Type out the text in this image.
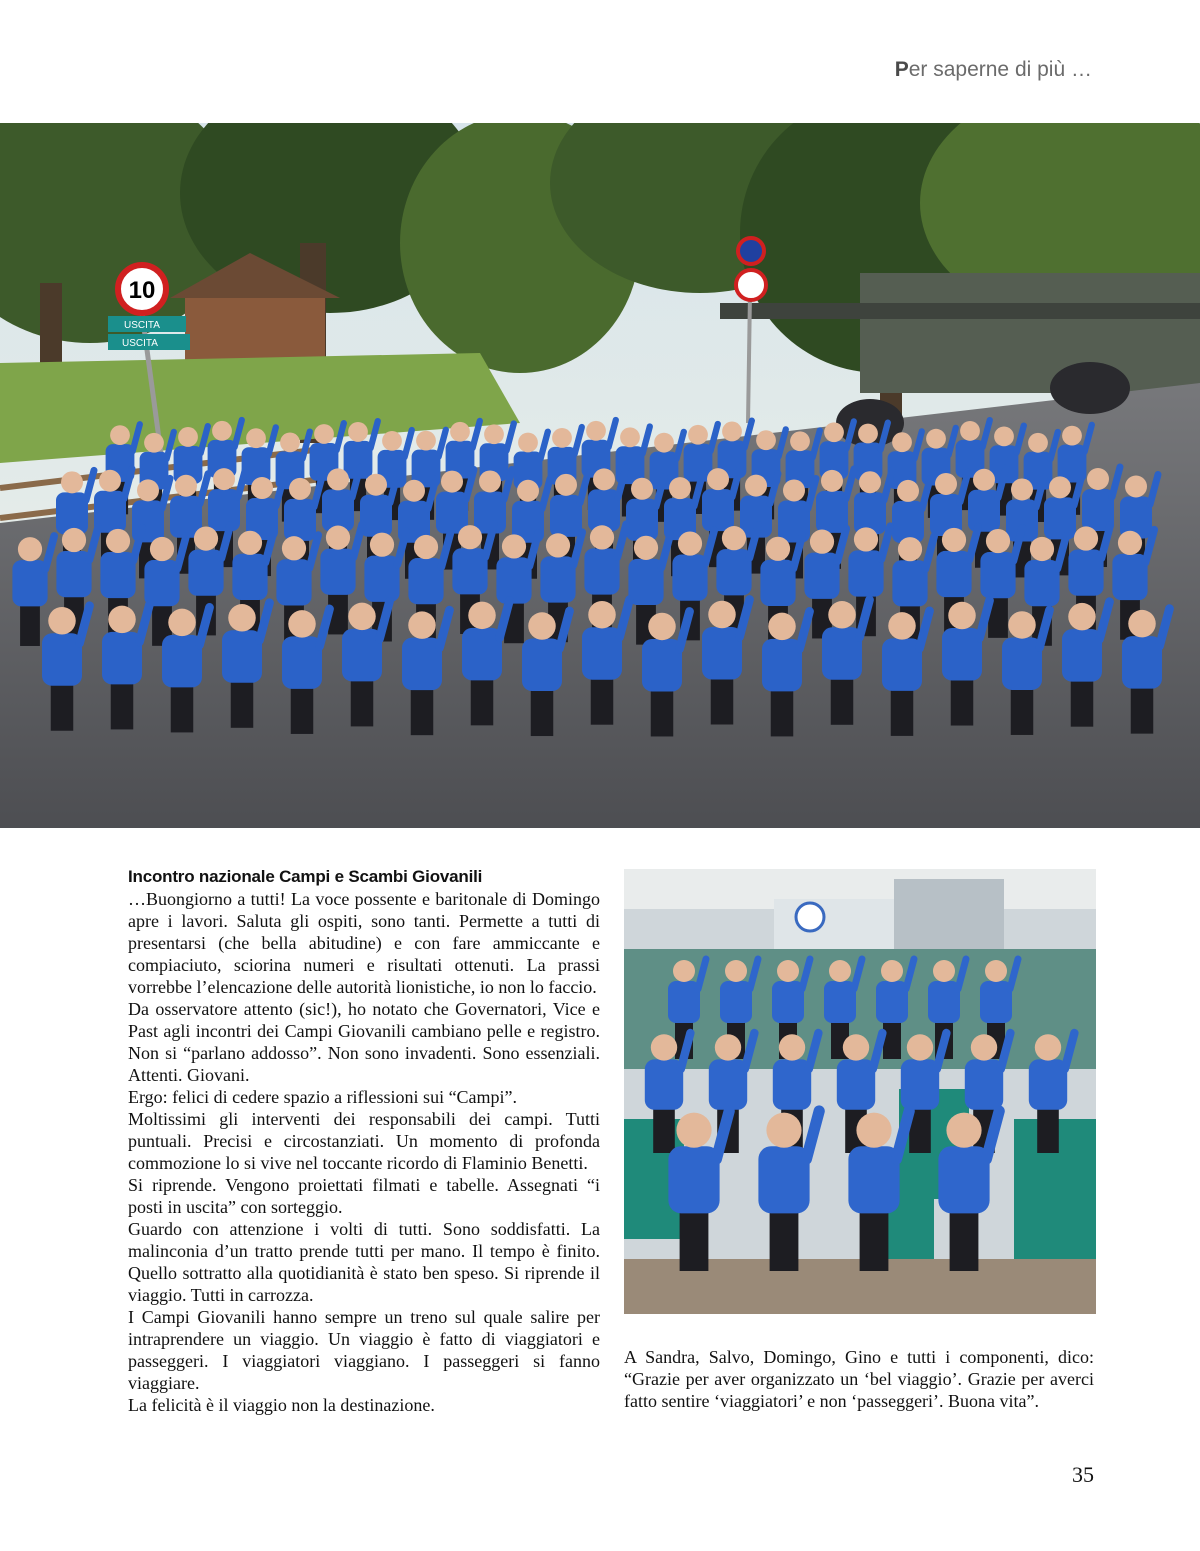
Per saperne di più …
10
USCITA
USCITA
Incontro nazionale Campi e Scambi Giovanili

…Buongiorno a tutti! La voce possente e baritonale di Domingo apre i lavori. Saluta gli ospiti, sono tanti. Permette a tutti di presentarsi (che bella abitudine) e con fare ammiccante e compiaciuto, sciorina numeri e risultati ottenuti. La prassi vorrebbe l’elencazione delle autorità lionistiche, io non lo faccio.

Da osservatore attento (sic!), ho notato che Governatori, Vice e Past agli incontri dei Campi Giovanili cambiano pelle e registro. Non si “parlano addosso”. Non sono invadenti. Sono essenziali. Attenti. Giovani.

Ergo: felici di cedere spazio a riflessioni sui “Campi”.

Moltissimi gli interventi dei responsabili dei campi. Tutti puntuali. Precisi e circostanziati. Un momento di profonda commozione lo si vive nel toccante ricordo di Flaminio Benetti.

Si riprende. Vengono proiettati filmati e tabelle. Assegnati “i posti in uscita” con sorteggio.

Guardo con attenzione i volti di tutti. Sono soddisfatti. La malinconia d’un tratto prende tutti per mano. Il tempo è finito. Quello sottratto alla quotidianità è stato ben speso. Si riprende il viaggio. Tutti in carrozza.

I Campi Giovanili hanno sempre un treno sul quale salire per intraprendere un viaggio. Un viaggio è fatto di viaggiatori e passeggeri. I viaggiatori viaggiano. I passeggeri si fanno viaggiare.

La felicità è il viaggio non la destinazione.

A Sandra, Salvo, Domingo, Gino e tutti i componenti, dico: “Grazie per aver organizzato un ‘bel viaggio’. Grazie per averci fatto sentire ‘viaggiatori’ e non ‘passeggeri’. Buona vita”.
35
